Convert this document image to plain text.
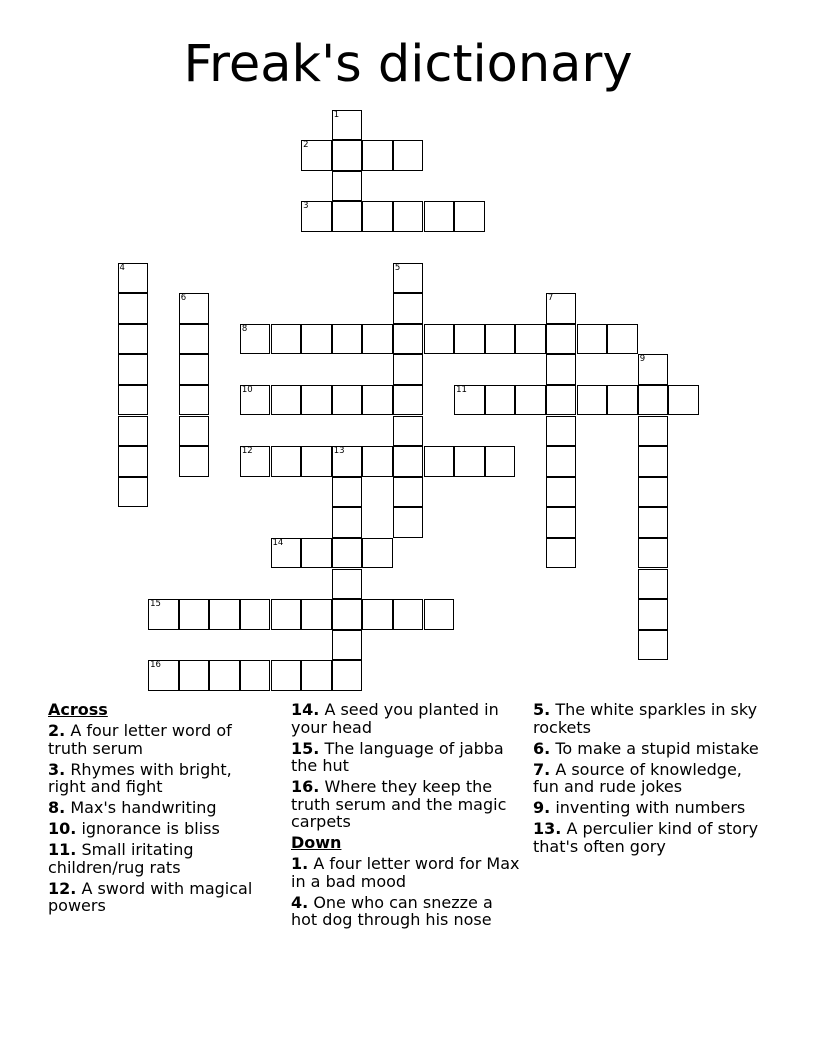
Freak's dictionary
1
2
3
4	5
6	7
8
9
10	11
12	13
14
15
16
Across
2. A four letter word of truth serum
3. Rhymes with bright, right and fight
8. Max's handwriting
10. ignorance is bliss
11. Small iritating children/rug rats
12. A sword with magical powers
14. A seed you planted in your head
15. The language of jabba the hut
16. Where they keep the truth serum and the magic carpets
Down
1. A four letter word for Max in a bad mood
4. One who can snezze a hot dog through his nose
5. The white sparkles in sky rockets
6. To make a stupid mistake
7. A source of knowledge, fun and rude jokes
9. inventing with numbers
13. A perculier kind of story that's often gory
